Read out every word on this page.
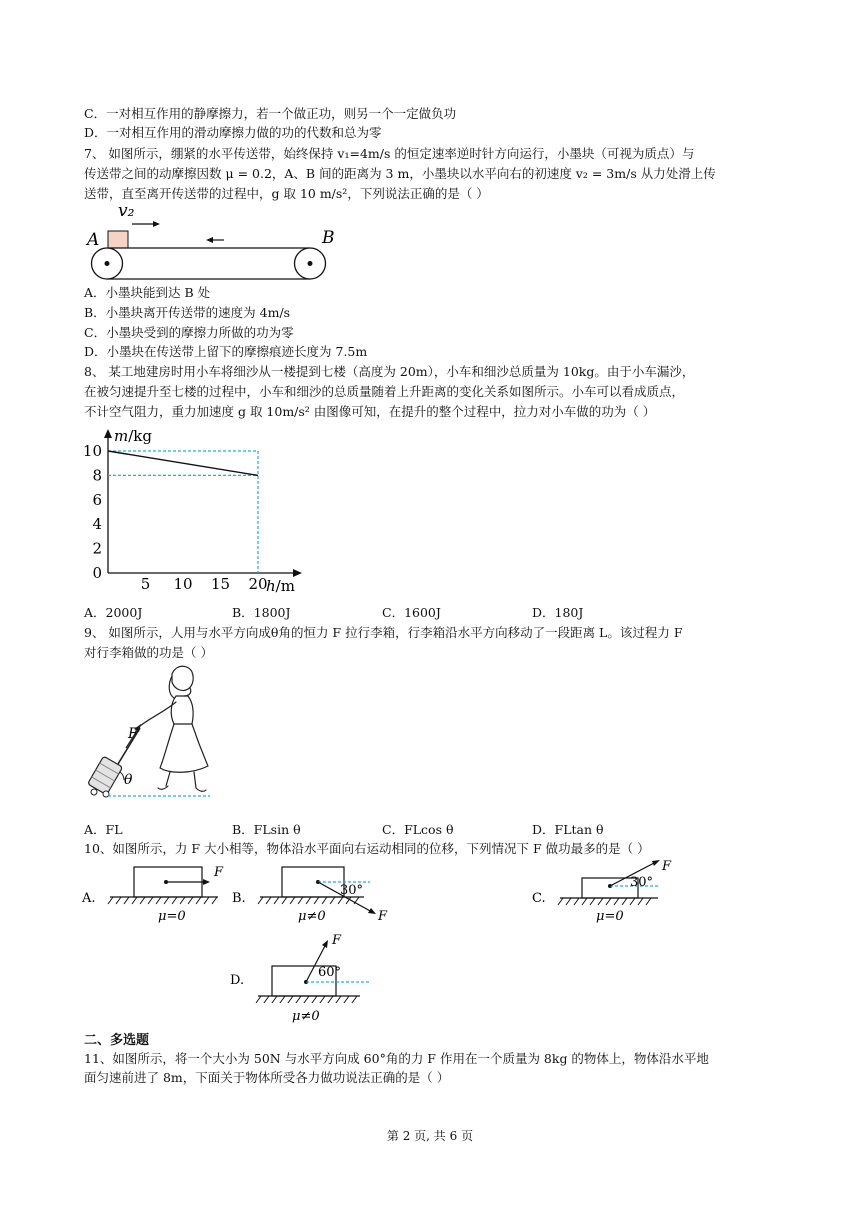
C．一对相互作用的静摩擦力，若一个做正功，则另一个一定做负功
D．一对相互作用的滑动摩擦力做的功的代数和总为零
7、 如图所示，绷紧的水平传送带，始终保持 v₁=4m/s 的恒定速率逆时针方向运行，小墨块（可视为质点）与
传送带之间的动摩擦因数 μ = 0.2，A、B 间的距离为 3 m，小墨块以水平向右的初速度 v₂ = 3m/s 从力处滑上传
送带，直至离开传送带的过程中，g 取 10 m/s²，下列说法正确的是（ ）
v₂
A	B
A．小墨块能到达 B 处
B．小墨块离开传送带的速度为 4m/s
C．小墨块受到的摩擦力所做的功为零
D．小墨块在传送带上留下的摩擦痕迹长度为 7.5m
8、 某工地建房时用小车将细沙从一楼提到七楼（高度为 20m），小车和细沙总质量为 10kg。由于小车漏沙，
在被匀速提升至七楼的过程中，小车和细沙的总质量随着上升距离的变化关系如图所示。小车可以看成质点，
不计空气阻力，重力加速度 g 取 10m/s² 由图像可知，在提升的整个过程中，拉力对小车做的功为（ ）
m/kg
h/m
0
2
4
6
8
10
5 10 15 20
A．2000J	B．1800J	C．1600J	D．180J
9、 如图所示，人用与水平方向成θ角的恒力 F 拉行李箱，行李箱沿水平方向移动了一段距离 L。该过程力 F
对行李箱做的功是（ ）
F
θ
A．FL	B．FLsin θ	C．FLcos θ	D．FLtan θ
10、如图所示，力 F 大小相等，物体沿水平面向右运动相同的位移，下列情况下 F 做功最多的是（ ）
A.
F
μ=0
B.
30°
F
μ≠0
C.
30°
F
μ=0
D.
F
60°
μ≠0
二、多选题
11、如图所示，将一个大小为 50N 与水平方向成 60°角的力 F 作用在一个质量为 8kg 的物体上，物体沿水平地
面匀速前进了 8m，下面关于物体所受各力做功说法正确的是（ ）
第 2 页, 共 6 页
